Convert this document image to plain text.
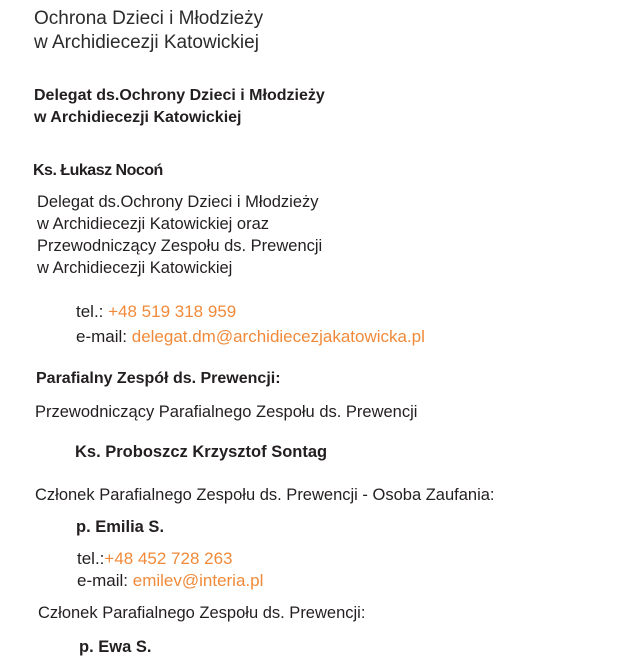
Ochrona Dzieci i Młodzieży
w Archidiecezji Katowickiej
Delegat ds.Ochrony Dzieci i Młodzieży
w Archidiecezji Katowickiej
Ks. Łukasz Nocoń
Delegat ds.Ochrony Dzieci i Młodzieży
w Archidiecezji Katowickiej oraz
Przewodniczący Zespołu ds. Prewencji
w Archidiecezji Katowickiej
tel.: +48 519 318 959
e-mail: delegat.dm@archidiecezjakatowicka.pl
Parafialny Zespół ds. Prewencji:
Przewodniczący Parafialnego Zespołu ds. Prewencji
Ks. Proboszcz Krzysztof Sontag
Członek Parafialnego Zespołu ds. Prewencji - Osoba Zaufania:
p. Emilia S.
tel.:+48 452 728 263
e-mail: emilev@interia.pl
Członek Parafialnego Zespołu ds. Prewencji:
p. Ewa S.
